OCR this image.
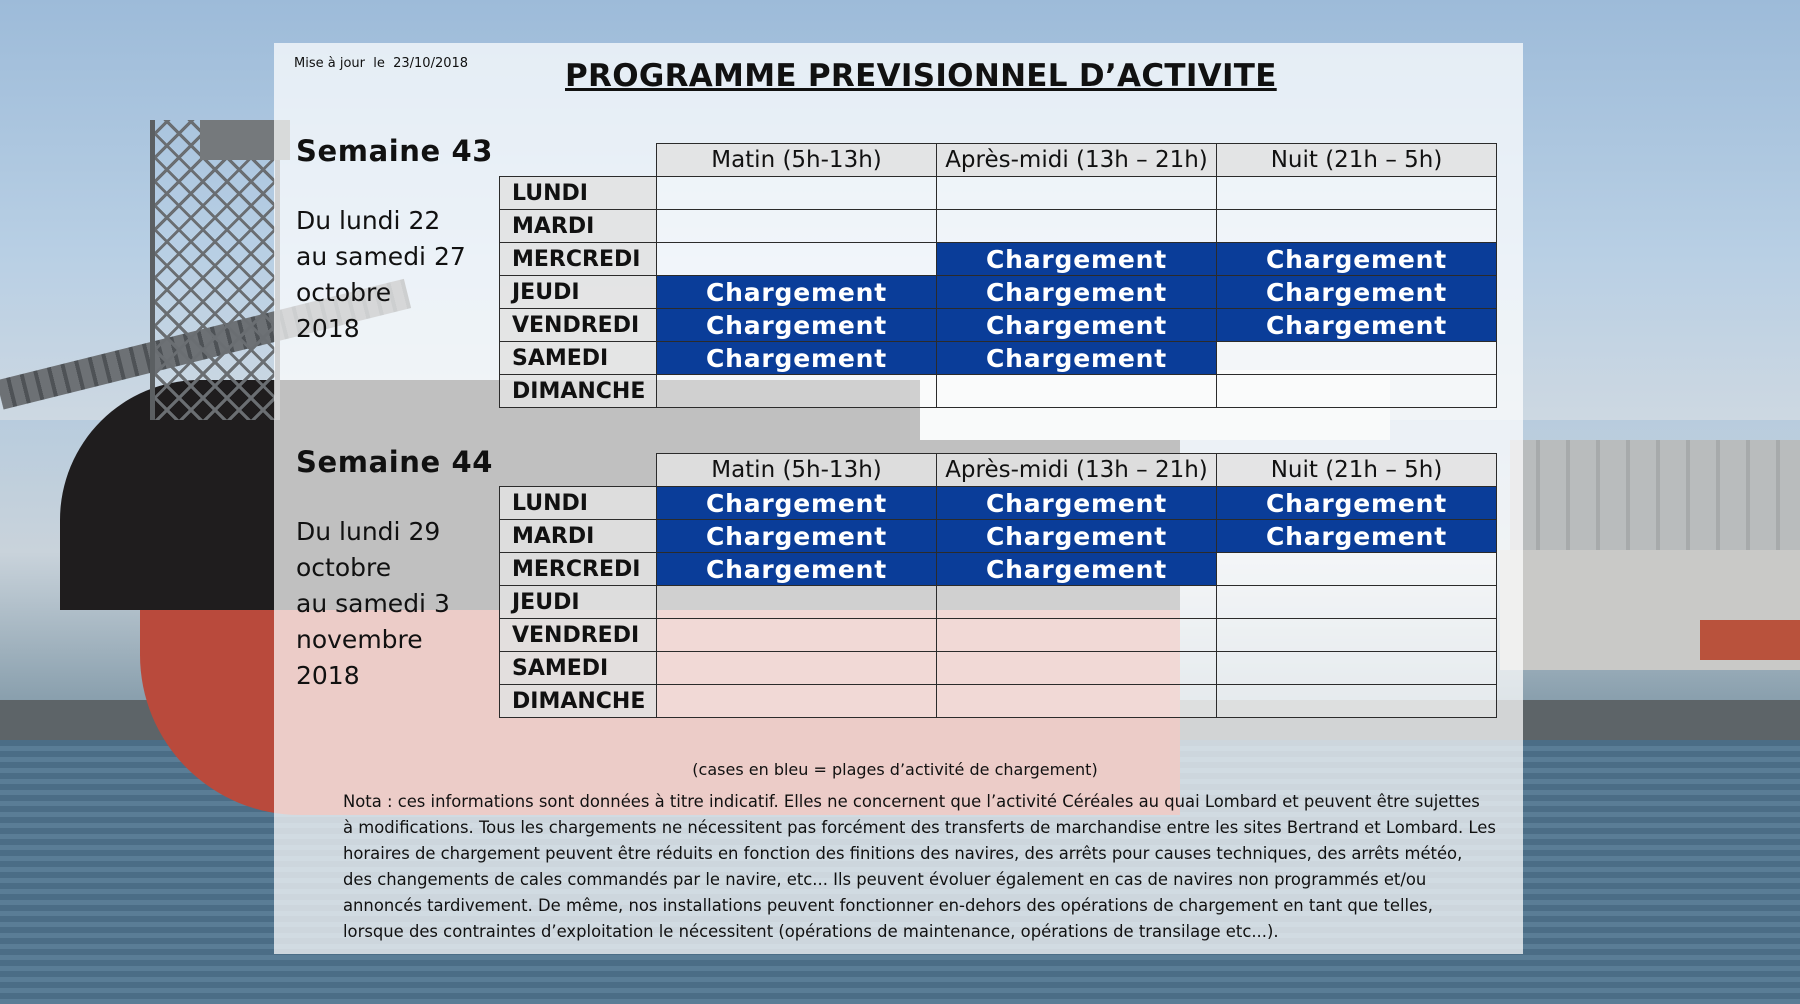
Mise à jour  le  23/10/2018	PROGRAMME PREVISIONNEL D’ACTIVITE
Semaine 43
Du lundi 22
au samedi 27
octobre
2018
	Matin (5h-13h)	Après-midi (13h – 21h)	Nuit (21h – 5h)
LUNDI			
MARDI			
MERCREDI		Chargement	Chargement
JEUDI	Chargement	Chargement	Chargement
VENDREDI	Chargement	Chargement	Chargement
SAMEDI	Chargement	Chargement	
DIMANCHE			
Semaine 44
Du lundi 29
octobre
au samedi 3
novembre
2018
	Matin (5h-13h)	Après-midi (13h – 21h)	Nuit (21h – 5h)
LUNDI	Chargement	Chargement	Chargement
MARDI	Chargement	Chargement	Chargement
MERCREDI	Chargement	Chargement	
JEUDI			
VENDREDI			
SAMEDI			
DIMANCHE			
(cases en bleu = plages d’activité de chargement)
Nota : ces informations sont données à titre indicatif. Elles ne concernent que l’activité Céréales au quai Lombard et peuvent être sujettes
à modifications. Tous les chargements ne nécessitent pas forcément des transferts de marchandise entre les sites Bertrand et Lombard. Les
horaires de chargement peuvent être réduits en fonction des finitions des navires, des arrêts pour causes techniques, des arrêts météo,
des changements de cales commandés par le navire, etc... Ils peuvent évoluer également en cas de navires non programmés et/ou
annoncés tardivement. De même, nos installations peuvent fonctionner en-dehors des opérations de chargement en tant que telles,
lorsque des contraintes d’exploitation le nécessitent (opérations de maintenance, opérations de transilage etc...).
